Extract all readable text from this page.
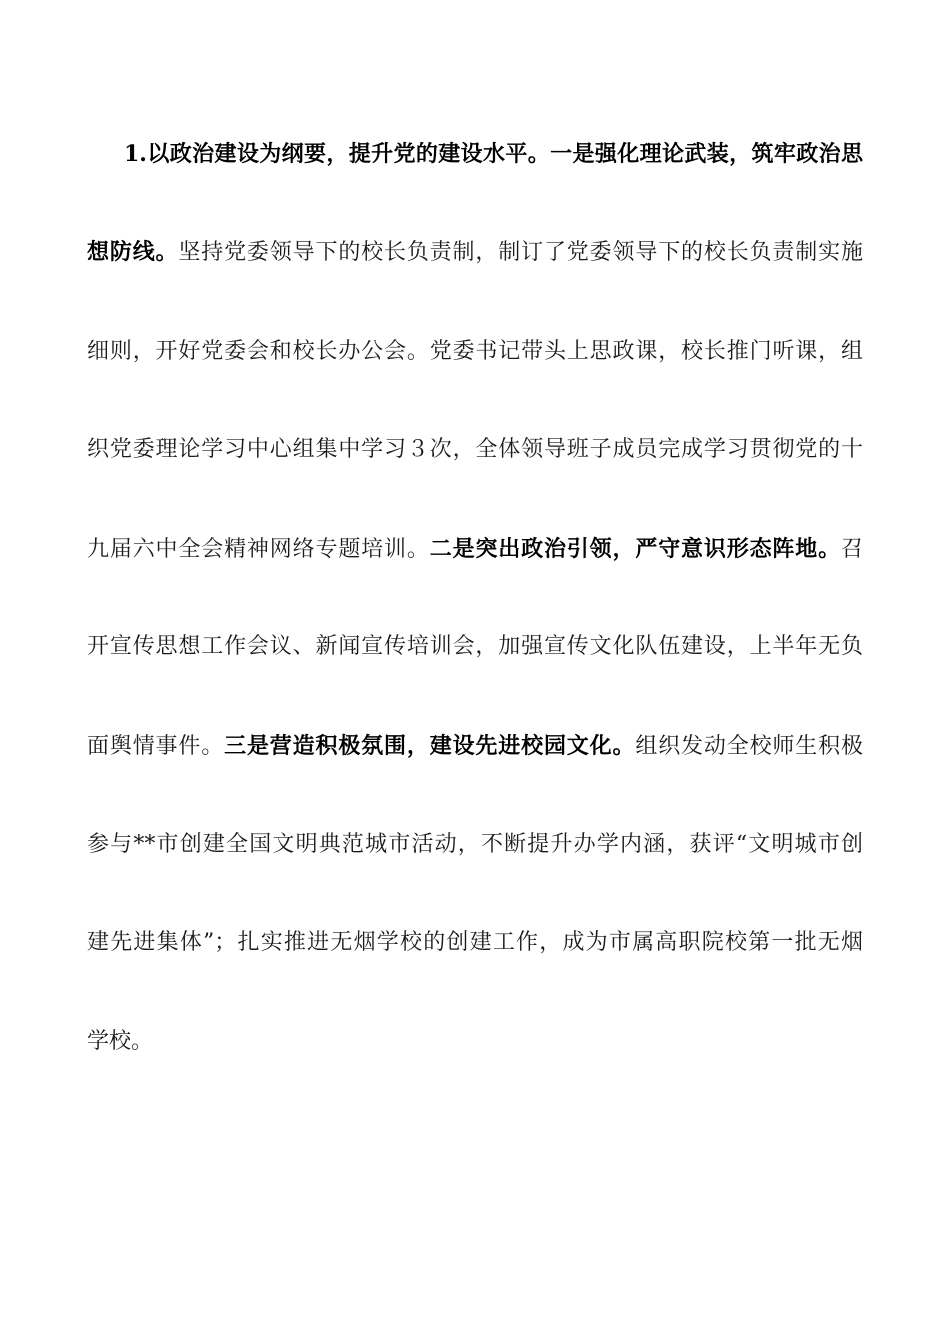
1.以政治建设为纲要，提升党的建设水平。一是强化理论武装，筑牢政治思
想防线。坚持党委领导下的校长负责制，制订了党委领导下的校长负责制实施
细则，开好党委会和校长办公会。党委书记带头上思政课，校长推门听课，组
织党委理论学习中心组集中学习３次，全体领导班子成员完成学习贯彻党的十
九届六中全会精神网络专题培训。二是突出政治引领，严守意识形态阵地。召
开宣传思想工作会议、新闻宣传培训会，加强宣传文化队伍建设，上半年无负
面舆情事件。三是营造积极氛围，建设先进校园文化。组织发动全校师生积极
参与**市创建全国文明典范城市活动，不断提升办学内涵，获评“文明城市创
建先进集体”；扎实推进无烟学校的创建工作，成为市属高职院校第一批无烟
学校。
